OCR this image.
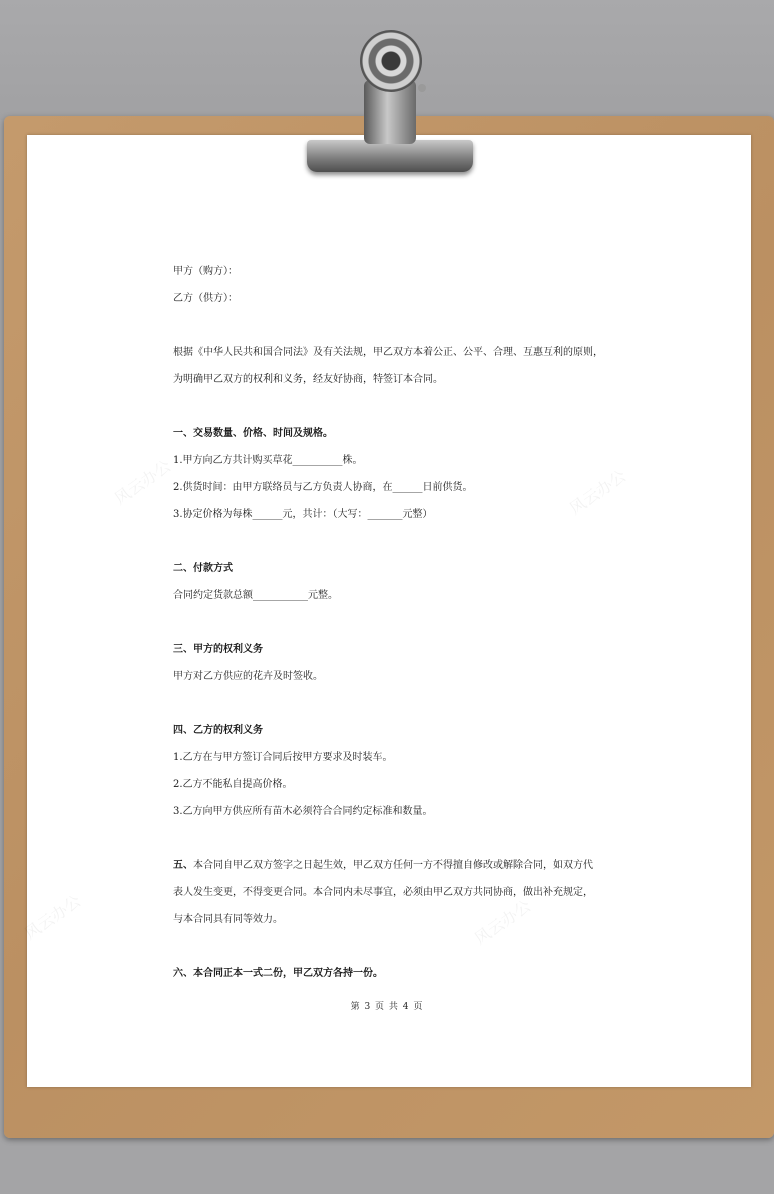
风云办公	风云办公
风云办公	风云办公

甲方（购方）：

乙方（供方）：

根据《中华人民共和国合同法》及有关法规，甲乙双方本着公正、公平、合理、互惠互利的原则，

为明确甲乙双方的权利和义务，经友好协商，特签订本合同。

一、交易数量、价格、时间及规格。

1.甲方向乙方共计购买草花__________株。

2.供货时间：由甲方联络员与乙方负责人协商，在______日前供货。

3.协定价格为每株______元，共计：（大写：_______元整）

二、付款方式

合同约定货款总额___________元整。

三、甲方的权利义务

甲方对乙方供应的花卉及时签收。

四、乙方的权利义务

1.乙方在与甲方签订合同后按甲方要求及时装车。

2.乙方不能私自提高价格。

3.乙方向甲方供应所有苗木必须符合合同约定标准和数量。

五、本合同自甲乙双方签字之日起生效，甲乙双方任何一方不得擅自修改或解除合同，如双方代

表人发生变更，不得变更合同。本合同内未尽事宜，必须由甲乙双方共同协商，做出补充规定，

与本合同具有同等效力。

六、本合同正本一式二份，甲乙双方各持一份。

第 3 页 共 4 页
